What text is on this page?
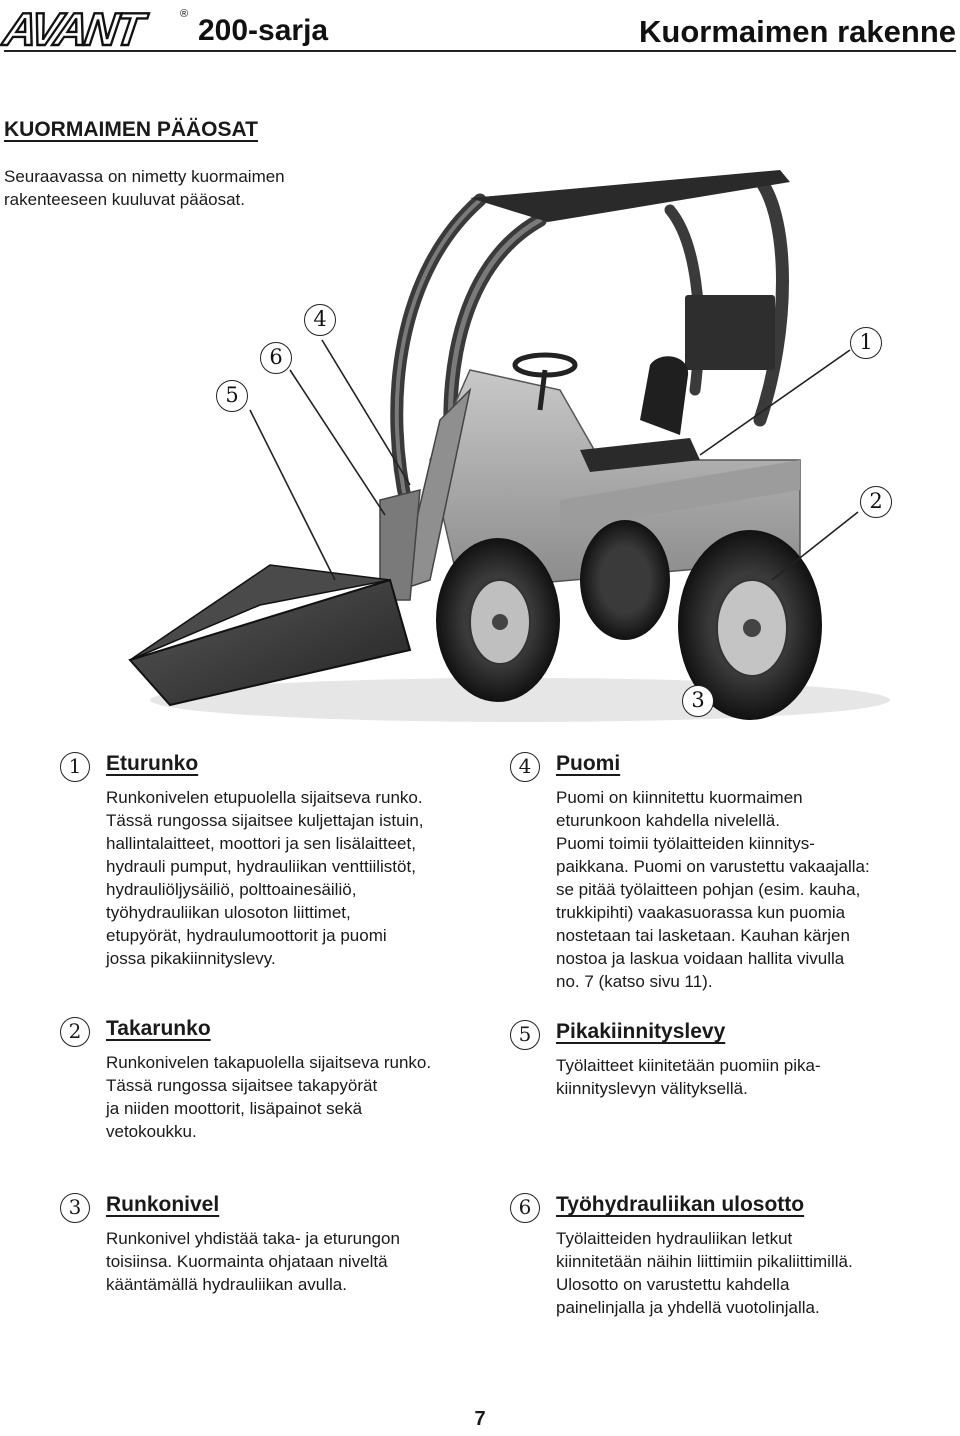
AVANT	® 200-sarja	Kuormaimen rakenne
KUORMAIMEN PÄÄOSAT
Seuraavassa on nimetty kuormaimen rakenteeseen kuuluvat pääosat.
5
6
4
1
2
3
1	Eturunko
Runkonivelen etupuolella sijaitseva runko.
Tässä rungossa sijaitsee kuljettajan istuin,
hallintalaitteet, moottori ja sen lisälaitteet,
hydrauli pumput, hydrauliikan venttiilistöt,
hydrauliöljysäiliö, polttoainesäiliö,
työhydrauliikan ulosoton liittimet,
etupyörät, hydraulumoottorit ja puomi
jossa pikakiinnityslevy.
2	Takarunko
Runkonivelen takapuolella sijaitseva runko.
Tässä rungossa sijaitsee takapyörät
ja niiden moottorit, lisäpainot sekä
vetokoukku.
3	Runkonivel
Runkonivel yhdistää taka- ja eturungon
toisiinsa. Kuormainta ohjataan niveltä
kääntämällä hydrauliikan avulla.
4	Puomi
Puomi on kiinnitettu kuormaimen
eturunkoon kahdella nivelellä.
Puomi toimii työlaitteiden kiinnitys-
paikkana. Puomi on varustettu vakaajalla:
se pitää työlaitteen pohjan (esim. kauha,
trukkipihti) vaakasuorassa kun puomia
nostetaan tai lasketaan. Kauhan kärjen
nostoa ja laskua voidaan hallita vivulla
no. 7 (katso sivu 11).
5	Pikakiinnityslevy
Työlaitteet kiinitetään puomiin pika-
kiinnityslevyn välityksellä.
6	Työhydrauliikan ulosotto
Työlaitteiden hydrauliikan letkut
kiinnitetään näihin liittimiin pikaliittimillä.
Ulosotto on varustettu kahdella
painelinjalla ja yhdellä vuotolinjalla.
7
